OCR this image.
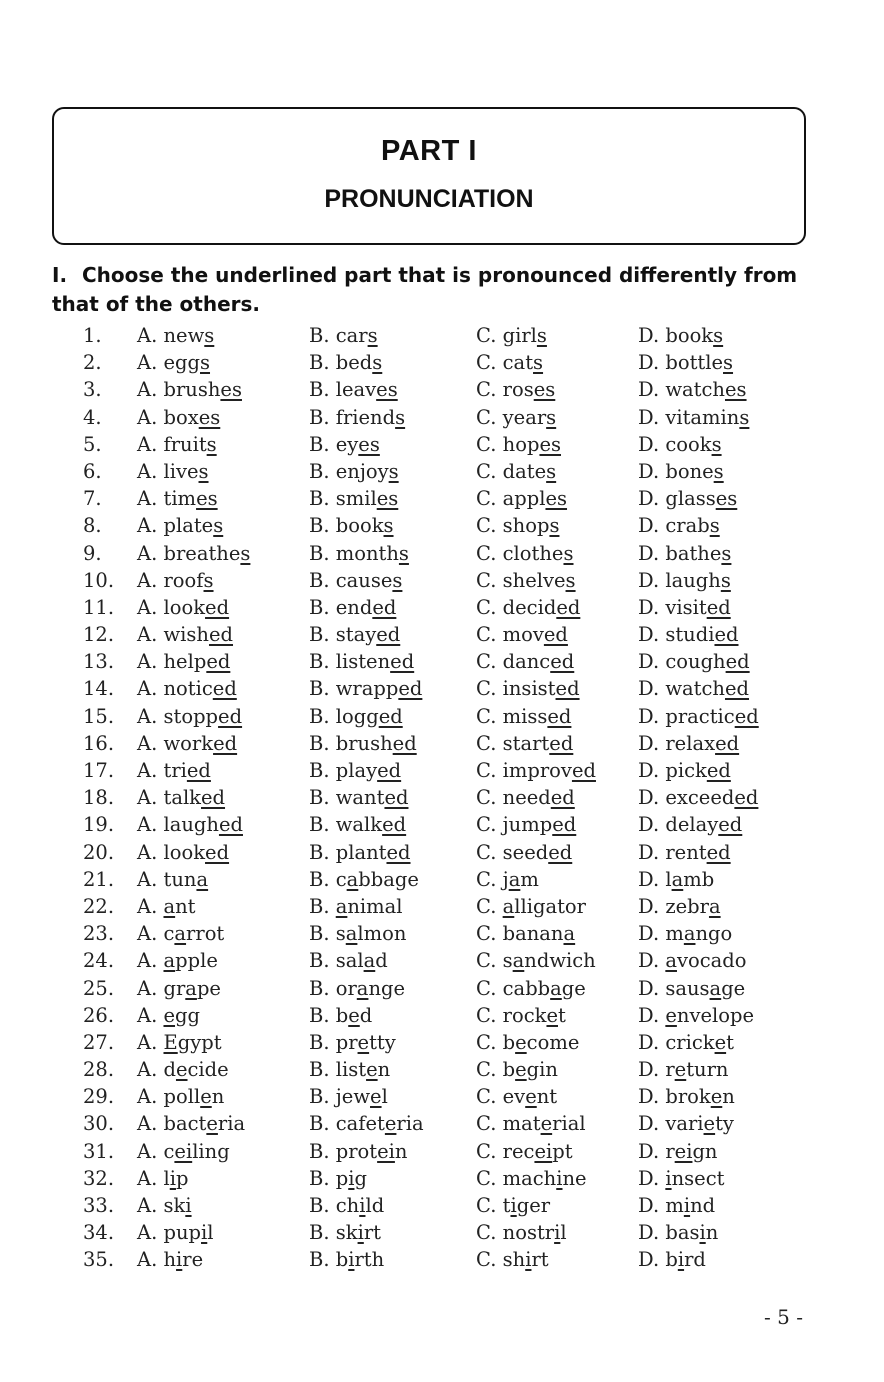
PART I
PRONUNCIATION
I. Choose the underlined part that is pronounced differently from that of the others.
1. A. news	B. cars	C. girls	D. books
2. A. eggs	B. beds	C. cats	D. bottles
3. A. brushes	B. leaves	C. roses	D. watches
4. A. boxes	B. friends	C. years	D. vitamins
5. A. fruits	B. eyes	C. hopes	D. cooks
6. A. lives	B. enjoys	C. dates	D. bones
7. A. times	B. smiles	C. apples	D. glasses
8. A. plates	B. books	C. shops	D. crabs
9. A. breathes	B. months	C. clothes	D. bathes
10. A. roofs	B. causes	C. shelves	D. laughs
11. A. looked	B. ended	C. decided	D. visited
12. A. wished	B. stayed	C. moved	D. studied
13. A. helped	B. listened	C. danced	D. coughed
14. A. noticed	B. wrapped	C. insisted	D. watched
15. A. stopped	B. logged	C. missed	D. practiced
16. A. worked	B. brushed	C. started	D. relaxed
17. A. tried	B. played	C. improved D. picked
18. A. talked	B. wanted	C. needed	D. exceeded
19. A. laughed	B. walked	C. jumped	D. delayed
20. A. looked	B. planted	C. seeded	D. rented
21. A. tuna	B. cabbage	C. jam	D. lamb
22. A. ant	B. animal	C. alligator	D. zebra
23. A. carrot	B. salmon	C. banana	D. mango
24. A. apple	B. salad	C. sandwich D. avocado
25. A. grape	B. orange	C. cabbage	D. sausage
26. A. egg	B. bed	C. rocket	D. envelope
27. A. Egypt	B. pretty	C. become	D. cricket
28. A. decide	B. listen	C. begin	D. return
29. A. pollen	B. jewel	C. event	D. broken
30. A. bacteria	B. cafeteria	C. material	D. variety
31. A. ceiling	B. protein	C. receipt	D. reign
32. A. lip	B. pig	C. machine	D. insect
33. A. ski	B. child	C. tiger	D. mind
34. A. pupil	B. skirt	C. nostril	D. basin
35. A. hire	B. birth	C. shirt	D. bird
- 5 -
